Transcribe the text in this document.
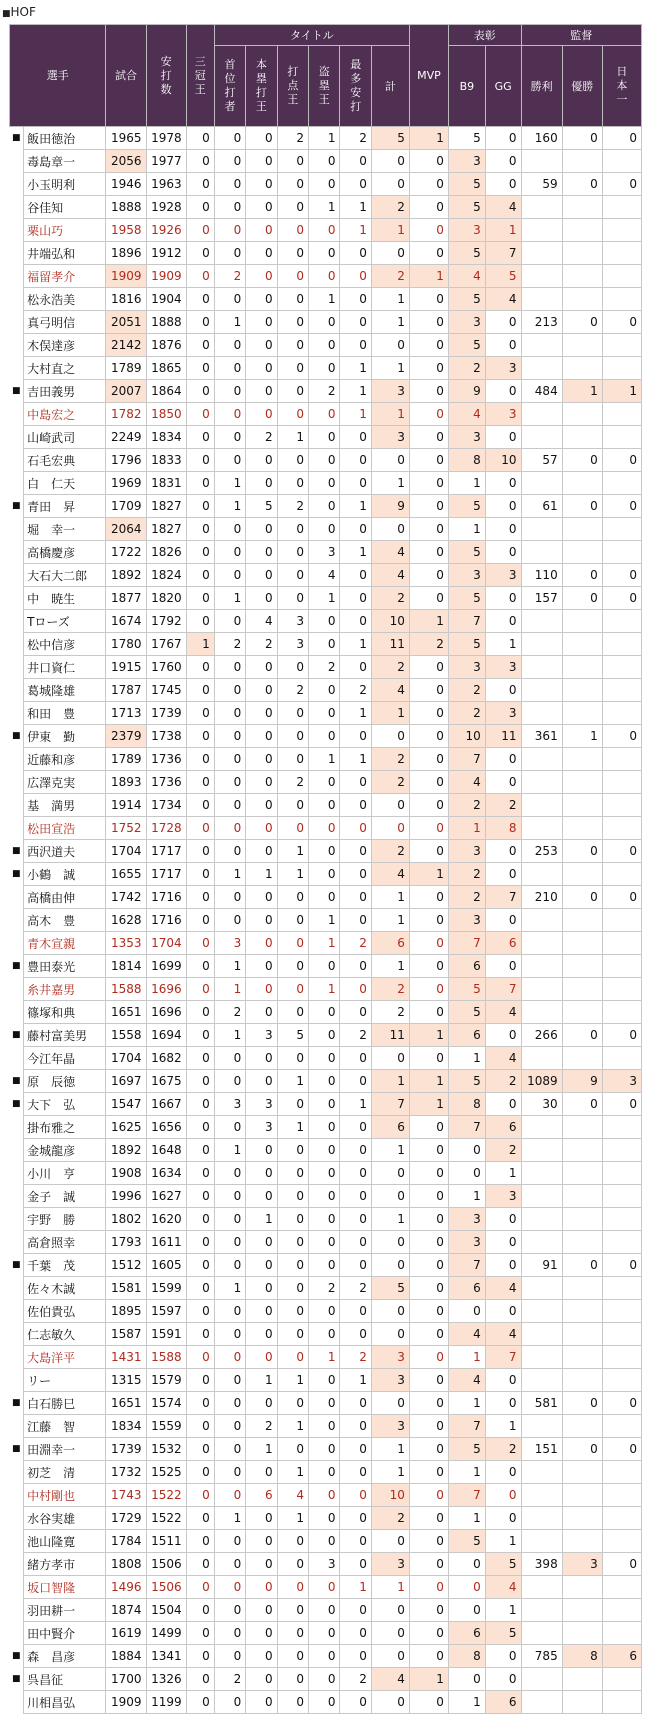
■HOF
選手		試合	安打数	三冠王	タイトル						MVP	表彰		監督		
					首位打者	本塁打王	打点王	盗塁王	最多安打	計		B9	GG	勝利	優勝	日本一
■	飯田徳治	1965	1978	0	0	0	2	1	2	5	1	5	0	160	0	0
	毒島章一	2056	1977	0	0	0	0	0	0	0	0	3	0			
	小玉明利	1946	1963	0	0	0	0	0	0	0	0	5	0	59	0	0
	谷佳知	1888	1928	0	0	0	0	1	1	2	0	5	4			
	栗山巧	1958	1926	0	0	0	0	0	1	1	0	3	1			
	井端弘和	1896	1912	0	0	0	0	0	0	0	0	5	7			
	福留孝介	1909	1909	0	2	0	0	0	0	2	1	4	5			
	松永浩美	1816	1904	0	0	0	0	1	0	1	0	5	4			
	真弓明信	2051	1888	0	1	0	0	0	0	1	0	3	0	213	0	0
	木俣達彦	2142	1876	0	0	0	0	0	0	0	0	5	0			
	大村直之	1789	1865	0	0	0	0	0	1	1	0	2	3			
■	吉田義男	2007	1864	0	0	0	0	2	1	3	0	9	0	484	1	1
	中島宏之	1782	1850	0	0	0	0	0	1	1	0	4	3			
	山崎武司	2249	1834	0	0	2	1	0	0	3	0	3	0			
	石毛宏典	1796	1833	0	0	0	0	0	0	0	0	8	10	57	0	0
	白　仁天	1969	1831	0	1	0	0	0	0	1	0	1	0			
■	青田　昇	1709	1827	0	1	5	2	0	1	9	0	5	0	61	0	0
	堀　幸一	2064	1827	0	0	0	0	0	0	0	0	1	0			
	高橋慶彦	1722	1826	0	0	0	0	3	1	4	0	5	0			
	大石大二郎	1892	1824	0	0	0	0	4	0	4	0	3	3	110	0	0
	中　暁生	1877	1820	0	1	0	0	1	0	2	0	5	0	157	0	0
	Tローズ	1674	1792	0	0	4	3	0	0	10	1	7	0			
	松中信彦	1780	1767	1	2	2	3	0	1	11	2	5	1			
	井口資仁	1915	1760	0	0	0	0	2	0	2	0	3	3			
	葛城隆雄	1787	1745	0	0	0	2	0	2	4	0	2	0			
	和田　豊	1713	1739	0	0	0	0	0	1	1	0	2	3			
■	伊東　勤	2379	1738	0	0	0	0	0	0	0	0	10	11	361	1	0
	近藤和彦	1789	1736	0	0	0	0	1	1	2	0	7	0			
	広澤克実	1893	1736	0	0	0	2	0	0	2	0	4	0			
	基　満男	1914	1734	0	0	0	0	0	0	0	0	2	2			
	松田宣浩	1752	1728	0	0	0	0	0	0	0	0	1	8			
■	西沢道夫	1704	1717	0	0	0	1	0	0	2	0	3	0	253	0	0
■	小鶴　誠	1655	1717	0	1	1	1	0	0	4	1	2	0			
	高橋由伸	1742	1716	0	0	0	0	0	0	1	0	2	7	210	0	0
	高木　豊	1628	1716	0	0	0	0	1	0	1	0	3	0			
	青木宣親	1353	1704	0	3	0	0	1	2	6	0	7	6			
■	豊田泰光	1814	1699	0	1	0	0	0	0	1	0	6	0			
	糸井嘉男	1588	1696	0	1	0	0	1	0	2	0	5	7			
	篠塚和典	1651	1696	0	2	0	0	0	0	2	0	5	4			
■	藤村富美男	1558	1694	0	1	3	5	0	2	11	1	6	0	266	0	0
	今江年晶	1704	1682	0	0	0	0	0	0	0	0	1	4			
■	原　辰徳	1697	1675	0	0	0	1	0	0	1	1	5	2	1089	9	3
■	大下　弘	1547	1667	0	3	3	0	0	1	7	1	8	0	30	0	0
	掛布雅之	1625	1656	0	0	3	1	0	0	6	0	7	6			
	金城龍彦	1892	1648	0	1	0	0	0	0	1	0	0	2			
	小川　亨	1908	1634	0	0	0	0	0	0	0	0	0	1			
	金子　誠	1996	1627	0	0	0	0	0	0	0	0	1	3			
	宇野　勝	1802	1620	0	0	1	0	0	0	1	0	3	0			
	高倉照幸	1793	1611	0	0	0	0	0	0	0	0	3	0			
■	千葉　茂	1512	1605	0	0	0	0	0	0	0	0	7	0	91	0	0
	佐々木誠	1581	1599	0	1	0	0	2	2	5	0	6	4			
	佐伯貴弘	1895	1597	0	0	0	0	0	0	0	0	0	0			
	仁志敏久	1587	1591	0	0	0	0	0	0	0	0	4	4			
	大島洋平	1431	1588	0	0	0	0	1	2	3	0	1	7			
	リー	1315	1579	0	0	1	1	0	1	3	0	4	0			
■	白石勝巳	1651	1574	0	0	0	0	0	0	0	0	1	0	581	0	0
	江藤　智	1834	1559	0	0	2	1	0	0	3	0	7	1			
■	田淵幸一	1739	1532	0	0	1	0	0	0	1	0	5	2	151	0	0
	初芝　清	1732	1525	0	0	0	1	0	0	1	0	1	0			
	中村剛也	1743	1522	0	0	6	4	0	0	10	0	7	0			
	水谷実雄	1729	1522	0	1	0	1	0	0	2	0	1	0			
	池山隆寛	1784	1511	0	0	0	0	0	0	0	0	5	1			
	緒方孝市	1808	1506	0	0	0	0	3	0	3	0	0	5	398	3	0
	坂口智隆	1496	1506	0	0	0	0	0	1	1	0	0	4			
	羽田耕一	1874	1504	0	0	0	0	0	0	0	0	0	1			
	田中賢介	1619	1499	0	0	0	0	0	0	0	0	6	5			
■	森　昌彦	1884	1341	0	0	0	0	0	0	0	0	8	0	785	8	6
■	呉昌征	1700	1326	0	2	0	0	0	2	4	1	0	0			
	川相昌弘	1909	1199	0	0	0	0	0	0	0	0	1	6			
